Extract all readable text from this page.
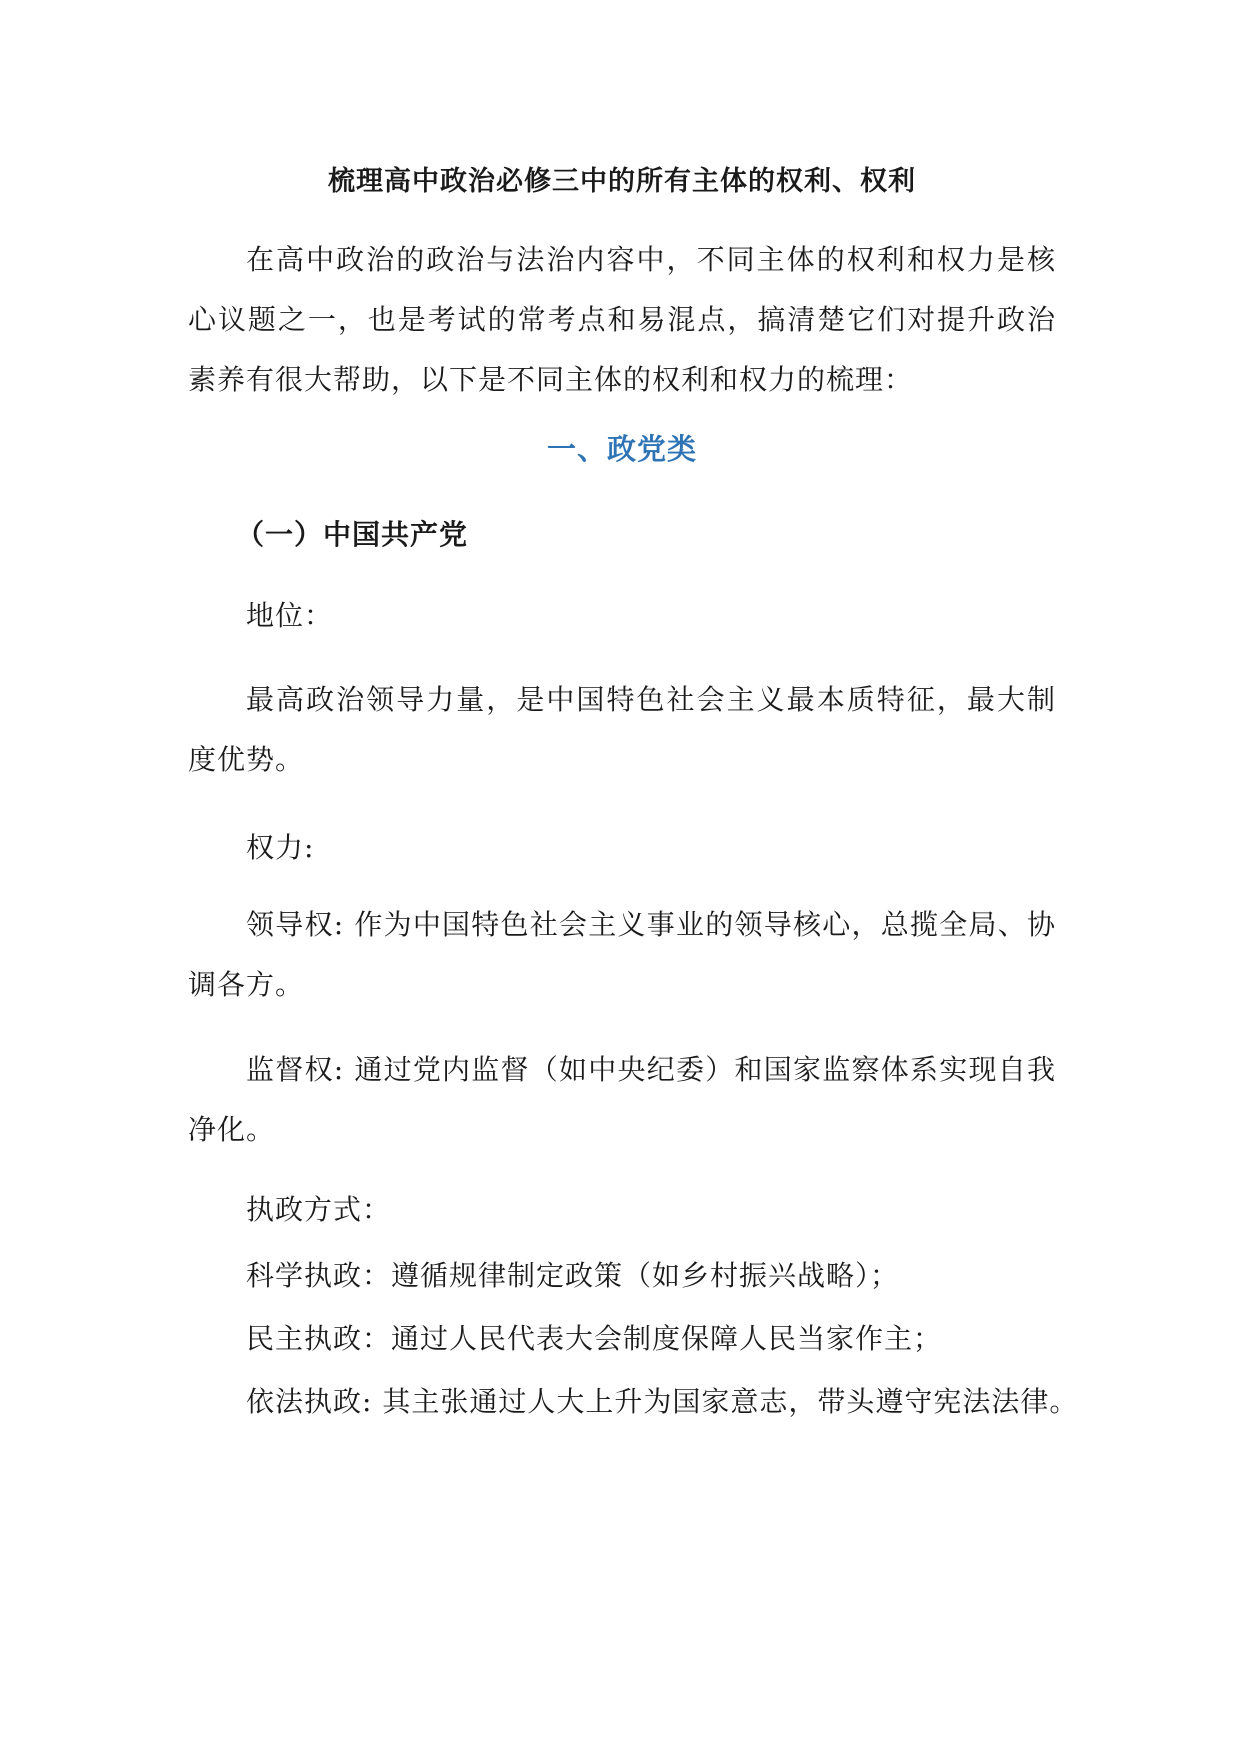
梳理高中政治必修三中的所有主体的权利、权利

在高中政治的政治与法治内容中，不同主体的权利和权力是核心议题之一，也是考试的常考点和易混点，搞清楚它们对提升政治素养有很大帮助，以下是不同主体的权利和权力的梳理：

一、政党类
（一）中国共产党

地位：

最高政治领导力量，是中国特色社会主义最本质特征，最大制度优势。

权力:

领导权: 作为中国特色社会主义事业的领导核心，总揽全局、协调各方。

监督权: 通过党内监督（如中央纪委）和国家监察体系实现自我净化。

执政方式：

科学执政：遵循规律制定政策（如乡村振兴战略）；

民主执政：通过人民代表大会制度保障人民当家作主；

依法执政: 其主张通过人大上升为国家意志，带头遵守宪法法律。
